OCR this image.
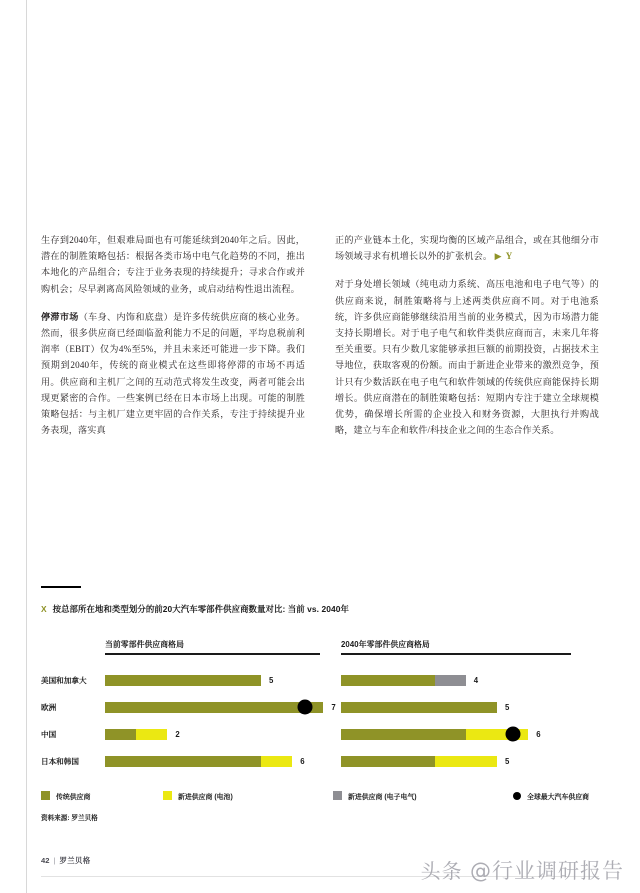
生存到2040年，但艰难局面也有可能延续到2040年之后。因此，潜在的制胜策略包括：根据各类市场中电气化趋势的不同，推出本地化的产品组合；专注于业务表现的持续提升；寻求合作或并购机会；尽早剥离高风险领域的业务，或启动结构性退出流程。

停滞市场（车身、内饰和底盘）是许多传统供应商的核心业务。然而，很多供应商已经面临盈利能力不足的问题，平均息税前利润率（EBIT）仅为4%至5%，并且未来还可能进一步下降。我们预期到2040年，传统的商业模式在这些即将停滞的市场不再适用。供应商和主机厂之间的互动范式将发生改变，两者可能会出现更紧密的合作。一些案例已经在日本市场上出现。可能的制胜策略包括：与主机厂建立更牢固的合作关系，专注于持续提升业务表现，落实真

正的产业链本土化，实现均衡的区域产品组合，或在其他细分市场领域寻求有机增长以外的扩张机会。 ▶ Y

对于身处增长领域（纯电动力系统、高压电池和电子电气等）的供应商来说，制胜策略将与上述两类供应商不同。对于电池系统，许多供应商能够继续沿用当前的业务模式，因为市场潜力能支持长期增长。对于电子电气和软件类供应商而言，未来几年将至关重要。只有少数几家能够承担巨额的前期投资，占据技术主导地位，获取客观的份额。而由于新进企业带来的激烈竞争，预计只有少数活跃在电子电气和软件领域的传统供应商能保持长期增长。供应商潜在的制胜策略包括：短期内专注于建立全球规模优势，确保增长所需的企业投入和财务资源，大胆执行并购战略，建立与车企和软件/科技企业之间的生态合作关系。

X 按总部所在地和类型划分的前20大汽车零部件供应商数量对比: 当前 vs. 2040年
当前零部件供应商格局
美国和加拿大	5
欧洲	7
中国	2
日本和韩国	6
2040年零部件供应商格局
4
5
6
5
传统供应商	新进供应商 (电池)	新进供应商 (电子电气)	全球最大汽车供应商
资料来源: 罗兰贝格
42 | 罗兰贝格	头条 @行业调研报告
